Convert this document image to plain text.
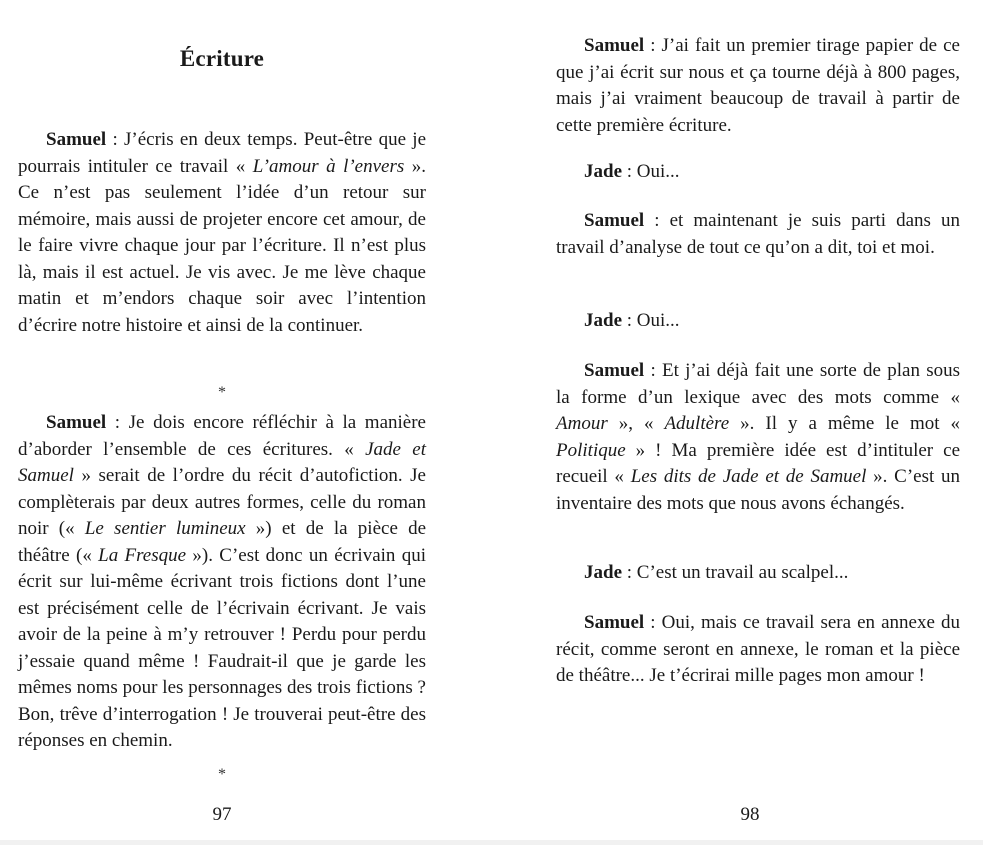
Écriture

Samuel : J’écris en deux temps. Peut-être que je pourrais intituler ce travail « L’amour à l’envers ». Ce n’est pas seulement l’idée d’un retour sur mémoire, mais aussi de projeter encore cet amour, de le faire vivre chaque jour par l’écriture. Il n’est plus là, mais il est actuel. Je vis avec. Je me lève chaque matin et m’endors chaque soir avec l’intention d’écrire notre histoire et ainsi de la continuer.

*

Samuel : Je dois encore réfléchir à la manière d’aborder l’ensemble de ces écritures. « Jade et Samuel » serait de l’ordre du récit d’autofiction. Je complèterais par deux autres formes, celle du roman noir (« Le sentier lumineux ») et de la pièce de théâtre (« La Fresque »). C’est donc un écrivain qui écrit sur lui-même écrivant trois fictions dont l’une est précisément celle de l’écrivain écrivant. Je vais avoir de la peine à m’y retrouver ! Perdu pour perdu j’essaie quand même ! Faudrait-il que je garde les mêmes noms pour les personnages des trois fictions ? Bon, trêve d’interrogation ! Je trouverai peut-être des réponses en chemin.

*
97

Samuel : J’ai fait un premier tirage papier de ce que j’ai écrit sur nous et ça tourne déjà à 800 pages, mais j’ai vraiment beaucoup de travail à partir de cette première écriture.

Jade : Oui...

Samuel : et maintenant je suis parti dans un travail d’analyse de tout ce qu’on a dit, toi et moi.

Jade : Oui...

Samuel : Et j’ai déjà fait une sorte de plan sous la forme d’un lexique avec des mots comme « Amour », « Adultère ». Il y a même le mot « Politique » ! Ma première idée est d’intituler ce recueil « Les dits de Jade et de Samuel ». C’est un inventaire des mots que nous avons échangés.

Jade : C’est un travail au scalpel...

Samuel : Oui, mais ce travail sera en annexe du récit, comme seront en annexe, le roman et la pièce de théâtre... Je t’écrirai mille pages mon amour !

98
